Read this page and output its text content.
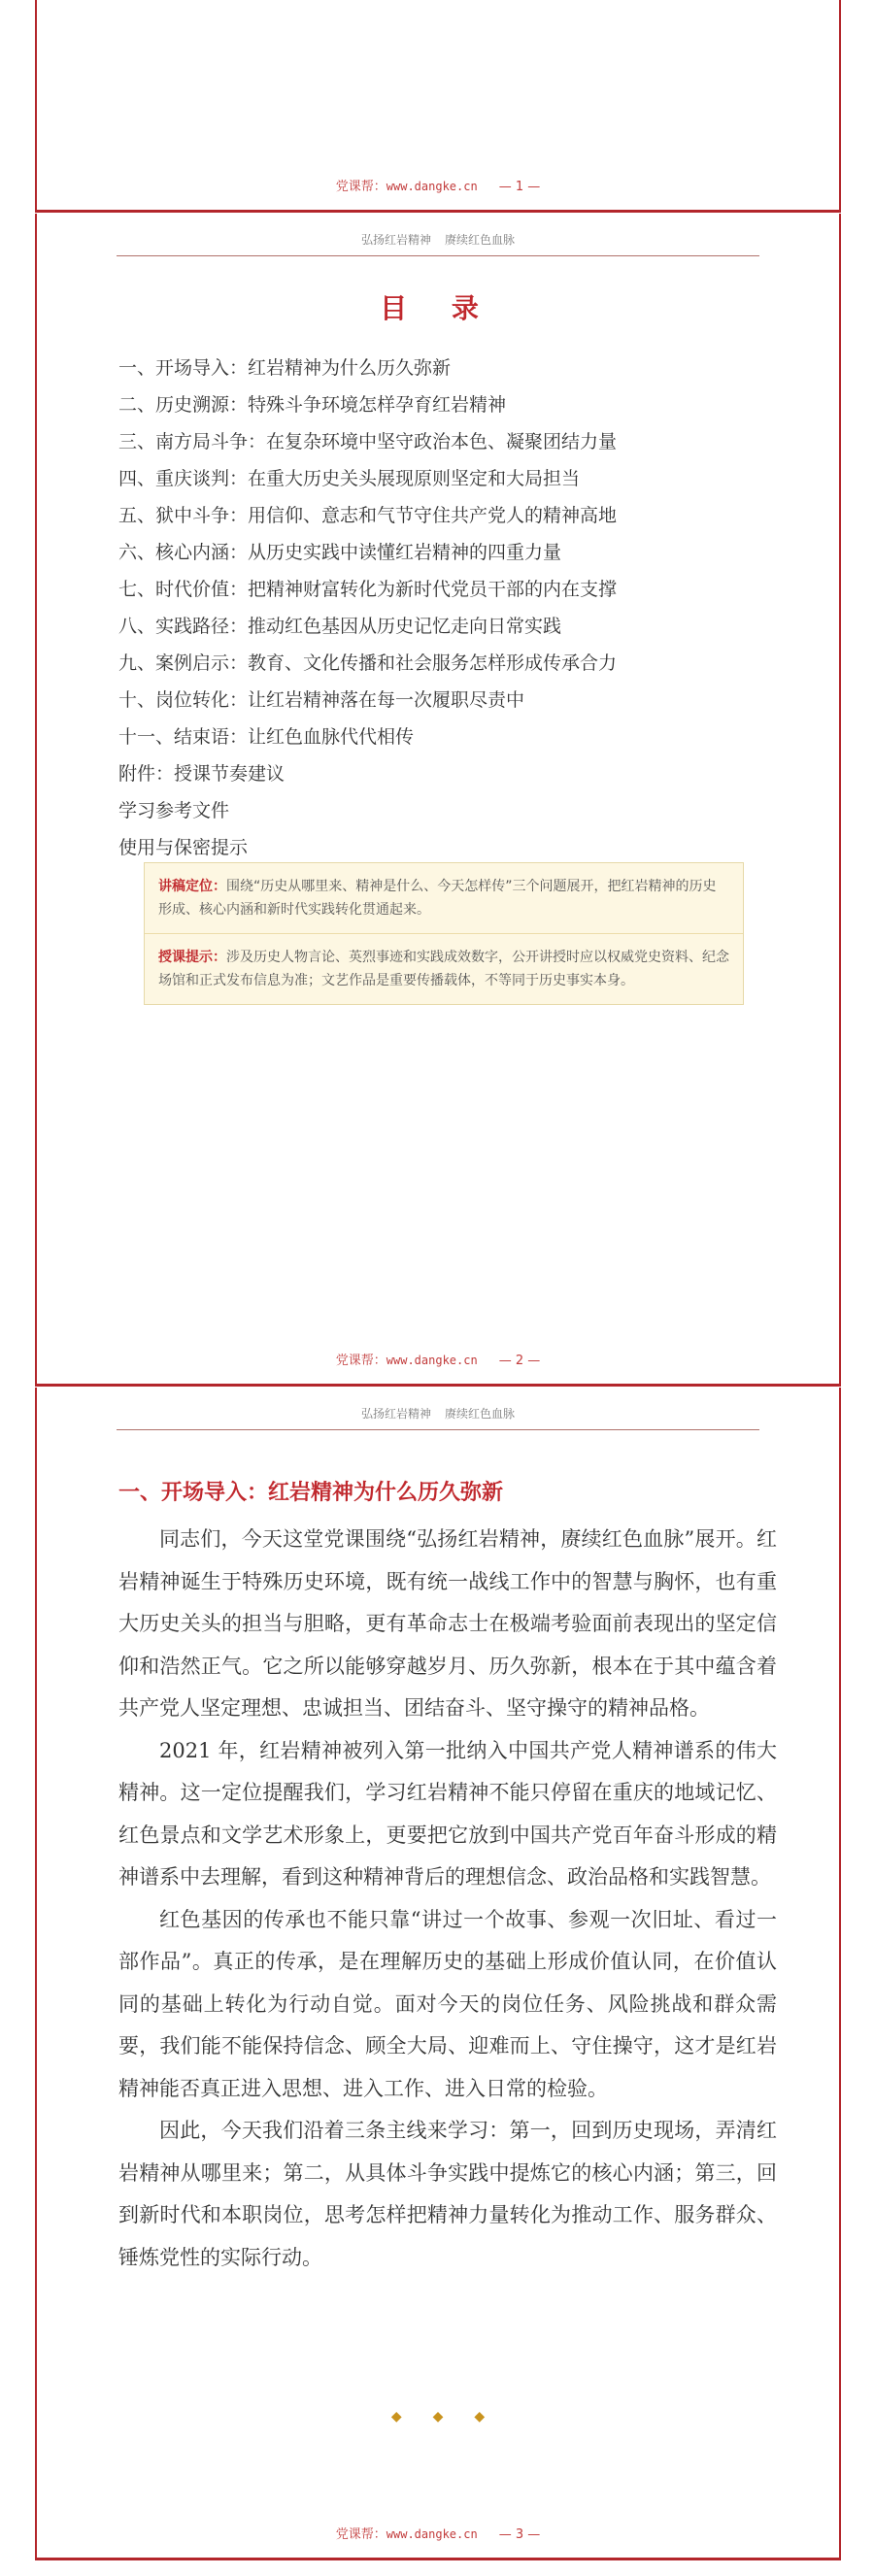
党课帮：www.dangke.cn — 1 —
弘扬红岩精神 赓续红色血脉
目 录
一、开场导入：红岩精神为什么历久弥新
二、历史溯源：特殊斗争环境怎样孕育红岩精神
三、南方局斗争：在复杂环境中坚守政治本色、凝聚团结力量
四、重庆谈判：在重大历史关头展现原则坚定和大局担当
五、狱中斗争：用信仰、意志和气节守住共产党人的精神高地
六、核心内涵：从历史实践中读懂红岩精神的四重力量
七、时代价值：把精神财富转化为新时代党员干部的内在支撑
八、实践路径：推动红色基因从历史记忆走向日常实践
九、案例启示：教育、文化传播和社会服务怎样形成传承合力
十、岗位转化：让红岩精神落在每一次履职尽责中
十一、结束语：让红色血脉代代相传
附件：授课节奏建议
学习参考文件
使用与保密提示
讲稿定位：围绕“历史从哪里来、精神是什么、今天怎样传”三个问题展开，把红岩精神的历史形成、核心内涵和新时代实践转化贯通起来。
授课提示：涉及历史人物言论、英烈事迹和实践成效数字，公开讲授时应以权威党史资料、纪念场馆和正式发布信息为准；文艺作品是重要传播载体，不等同于历史事实本身。
党课帮：www.dangke.cn — 2 —
弘扬红岩精神 赓续红色血脉
一、开场导入：红岩精神为什么历久弥新

同志们，今天这堂党课围绕“弘扬红岩精神，赓续红色血脉”展开。红岩精神诞生于特殊历史环境，既有统一战线工作中的智慧与胸怀，也有重大历史关头的担当与胆略，更有革命志士在极端考验面前表现出的坚定信仰和浩然正气。它之所以能够穿越岁月、历久弥新，根本在于其中蕴含着共产党人坚定理想、忠诚担当、团结奋斗、坚守操守的精神品格。

2021 年，红岩精神被列入第一批纳入中国共产党人精神谱系的伟大精神。这一定位提醒我们，学习红岩精神不能只停留在重庆的地域记忆、红色景点和文学艺术形象上，更要把它放到中国共产党百年奋斗形成的精神谱系中去理解，看到这种精神背后的理想信念、政治品格和实践智慧。

红色基因的传承也不能只靠“讲过一个故事、参观一次旧址、看过一部作品”。真正的传承，是在理解历史的基础上形成价值认同，在价值认同的基础上转化为行动自觉。面对今天的岗位任务、风险挑战和群众需要，我们能不能保持信念、顾全大局、迎难而上、守住操守，这才是红岩精神能否真正进入思想、进入工作、进入日常的检验。

因此，今天我们沿着三条主线来学习：第一，回到历史现场，弄清红岩精神从哪里来；第二，从具体斗争实践中提炼它的核心内涵；第三，回到新时代和本职岗位，思考怎样把精神力量转化为推动工作、服务群众、锤炼党性的实际行动。

◆ ◆ ◆
党课帮：www.dangke.cn — 3 —
